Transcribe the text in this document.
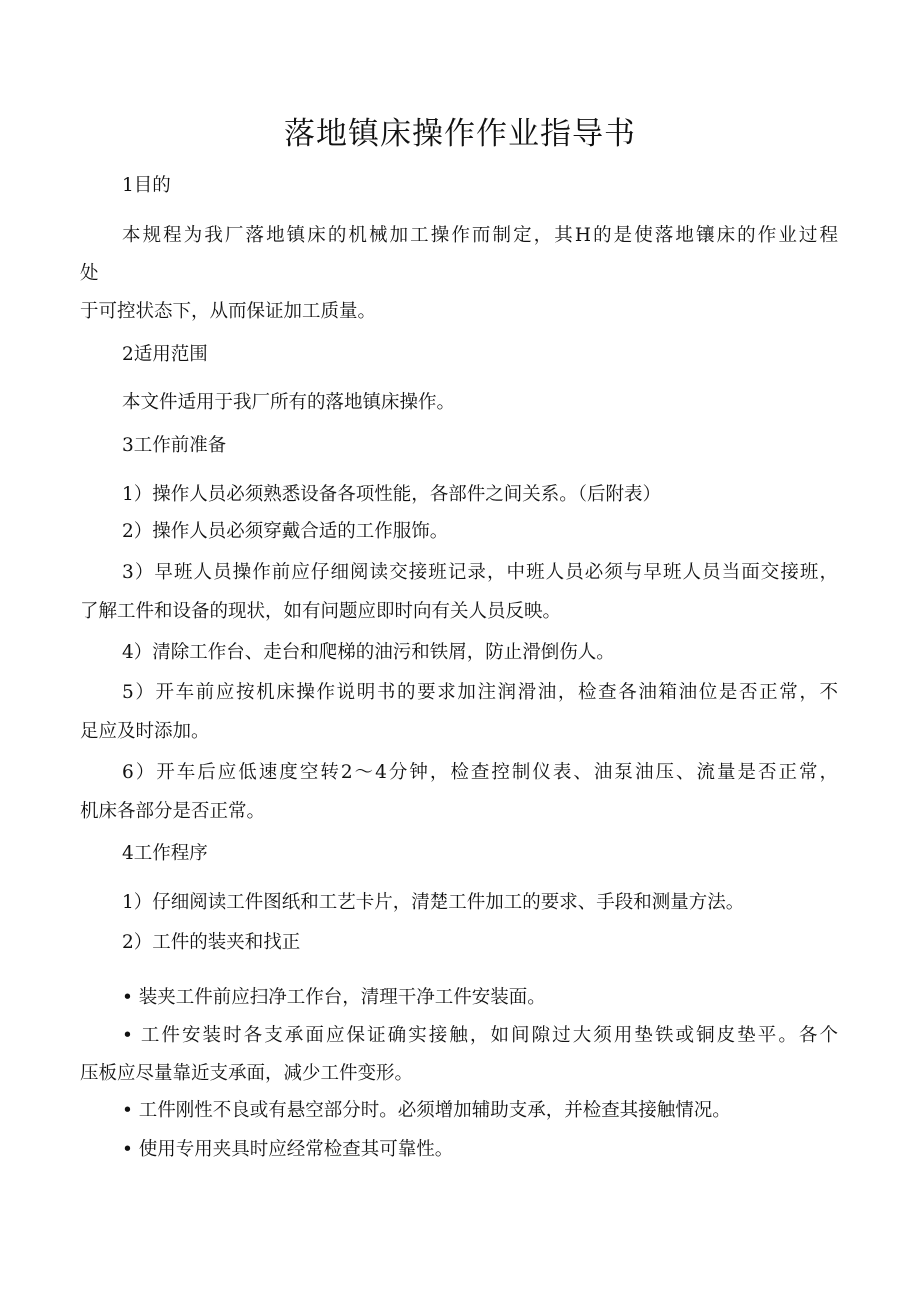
落地镇床操作作业指导书
1目的
本规程为我厂落地镇床的机械加工操作而制定，其H的是使落地镶床的作业过程
处
于可控状态下，从而保证加工质量。
2适用范围
本文件适用于我厂所有的落地镇床操作。
3工作前准备
1）操作人员必须熟悉设备各项性能，各部件之间关系。（后附表）
2）操作人员必须穿戴合适的工作服饰。
3）早班人员操作前应仔细阅读交接班记录，中班人员必须与早班人员当面交接班，
了解工件和设备的现状，如有问题应即时向有关人员反映。
4）清除工作台、走台和爬梯的油污和铁屑，防止滑倒伤人。
5）开车前应按机床操作说明书的要求加注润滑油，检查各油箱油位是否正常，不
足应及时添加。
6）开车后应低速度空转2～4分钟，检查控制仪表、油泵油压、流量是否正常，
机床各部分是否正常。
4工作程序
1）仔细阅读工件图纸和工艺卡片，清楚工件加工的要求、手段和测量方法。
2）工件的装夹和找正
• 装夹工件前应扫净工作台，清理干净工件安装面。
• 工件安装时各支承面应保证确实接触，如间隙过大须用垫铁或铜皮垫平。各个
压板应尽量靠近支承面，减少工件变形。
• 工件刚性不良或有悬空部分时。必须增加辅助支承，并检查其接触情况。
• 使用专用夹具时应经常检查其可靠性。
